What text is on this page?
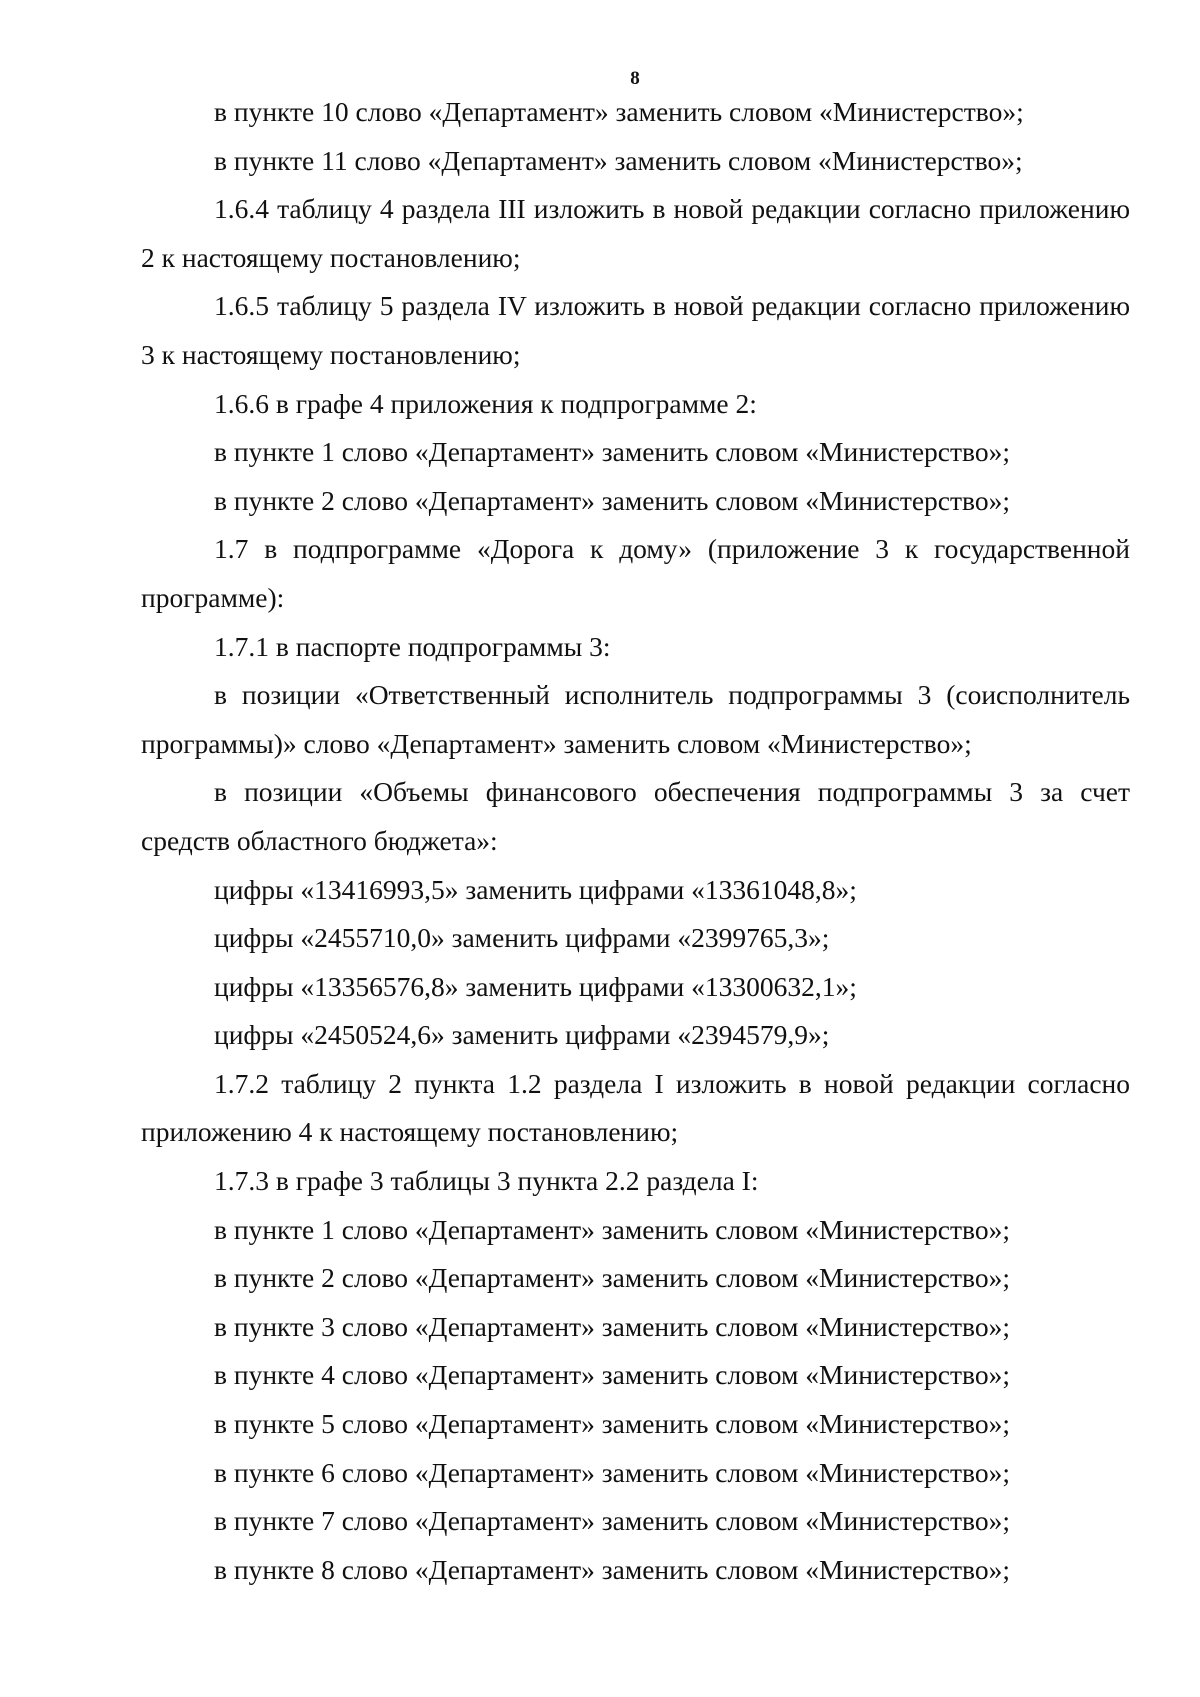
8

в пункте 10 слово «Департамент» заменить словом «Министерство»;

в пункте 11 слово «Департамент» заменить словом «Министерство»;

1.6.4 таблицу 4 раздела III изложить в новой редакции согласно приложению 2 к настоящему постановлению;

1.6.5 таблицу 5 раздела IV изложить в новой редакции согласно приложению 3 к настоящему постановлению;

1.6.6 в графе 4 приложения к подпрограмме 2:

в пункте 1 слово «Департамент» заменить словом «Министерство»;

в пункте 2 слово «Департамент» заменить словом «Министерство»;

1.7 в подпрограмме «Дорога к дому» (приложение 3 к государственной программе):

1.7.1 в паспорте подпрограммы 3:

в позиции «Ответственный исполнитель подпрограммы 3 (соисполнитель программы)» слово «Департамент» заменить словом «Министерство»;

в позиции «Объемы финансового обеспечения подпрограммы 3 за счет средств областного бюджета»:

цифры «13416993,5» заменить цифрами «13361048,8»;

цифры «2455710,0» заменить цифрами «2399765,3»;

цифры «13356576,8» заменить цифрами «13300632,1»;

цифры «2450524,6» заменить цифрами «2394579,9»;

1.7.2 таблицу 2 пункта 1.2 раздела I изложить в новой редакции согласно приложению 4 к настоящему постановлению;

1.7.3 в графе 3 таблицы 3 пункта 2.2 раздела I:

в пункте 1 слово «Департамент» заменить словом «Министерство»;

в пункте 2 слово «Департамент» заменить словом «Министерство»;

в пункте 3 слово «Департамент» заменить словом «Министерство»;

в пункте 4 слово «Департамент» заменить словом «Министерство»;

в пункте 5 слово «Департамент» заменить словом «Министерство»;

в пункте 6 слово «Департамент» заменить словом «Министерство»;

в пункте 7 слово «Департамент» заменить словом «Министерство»;

в пункте 8 слово «Департамент» заменить словом «Министерство»;
